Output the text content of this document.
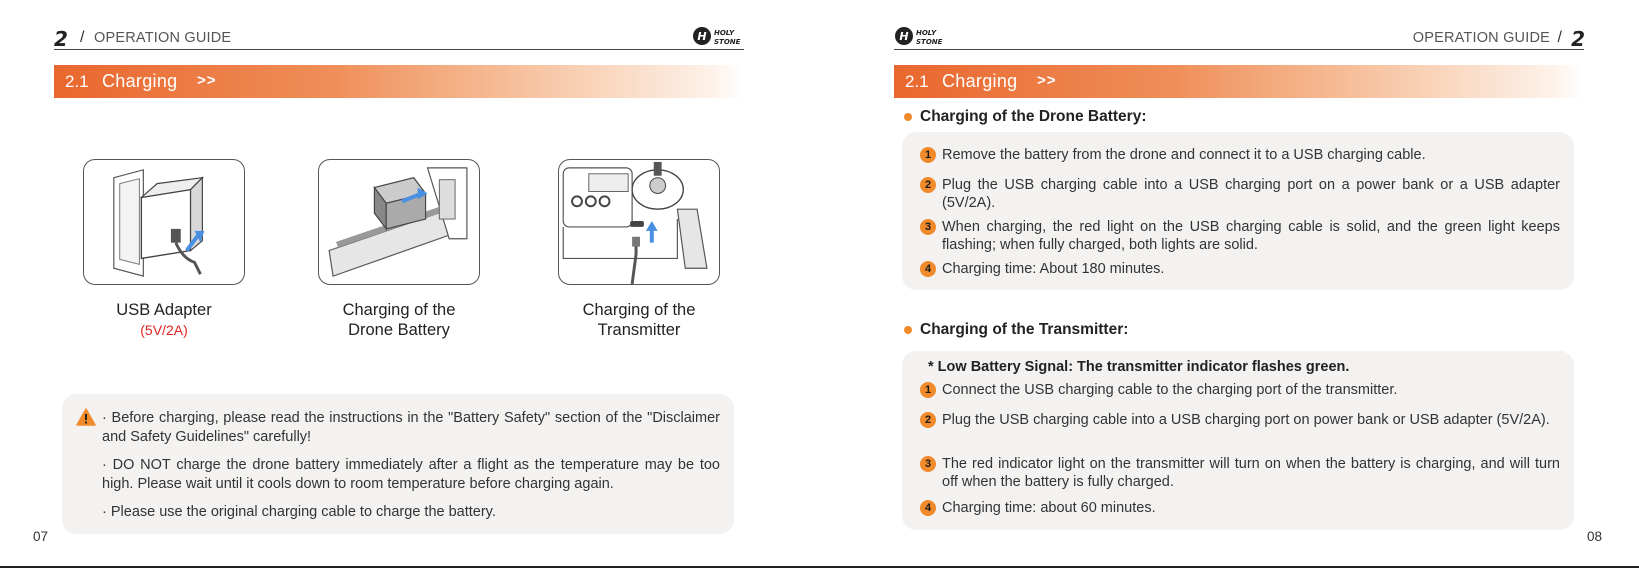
2 / OPERATION GUIDE	H HOLY
STONE
2.1 Charging >>
USB Adapter
(5V/2A)
Charging of the
Drone Battery
Charging of the
Transmitter

· Before charging, please read the instructions in the "Battery Safety" section of the "Disclaimer and Safety Guidelines" carefully!

· DO NOT charge the drone battery immediately after a flight as the temperature may be too high. Please wait until it cools down to room temperature before charging again.

· Please use the original charging cable to charge the battery.

07
H HOLY
STONE	OPERATION GUIDE / 2
2.1 Charging >>
Charging of the Drone Battery:
1 Remove the battery from the drone and connect it to a USB charging cable.
2 Plug the USB charging cable into a USB charging port on a power bank or a USB adapter (5V/2A).
3 When charging, the red light on the USB charging cable is solid, and the green light keeps flashing; when fully charged, both lights are solid.
4 Charging time: About 180 minutes.
Charging of the Transmitter:
* Low Battery Signal: The transmitter indicator flashes green.
1 Connect the USB charging cable to the charging port of the transmitter.
2 Plug the USB charging cable into a USB charging port on power bank or USB adapter (5V/2A).
3 The red indicator light on the transmitter will turn on when the battery is charging, and will turn off when the battery is fully charged.
4 Charging time: about 60 minutes.
08
